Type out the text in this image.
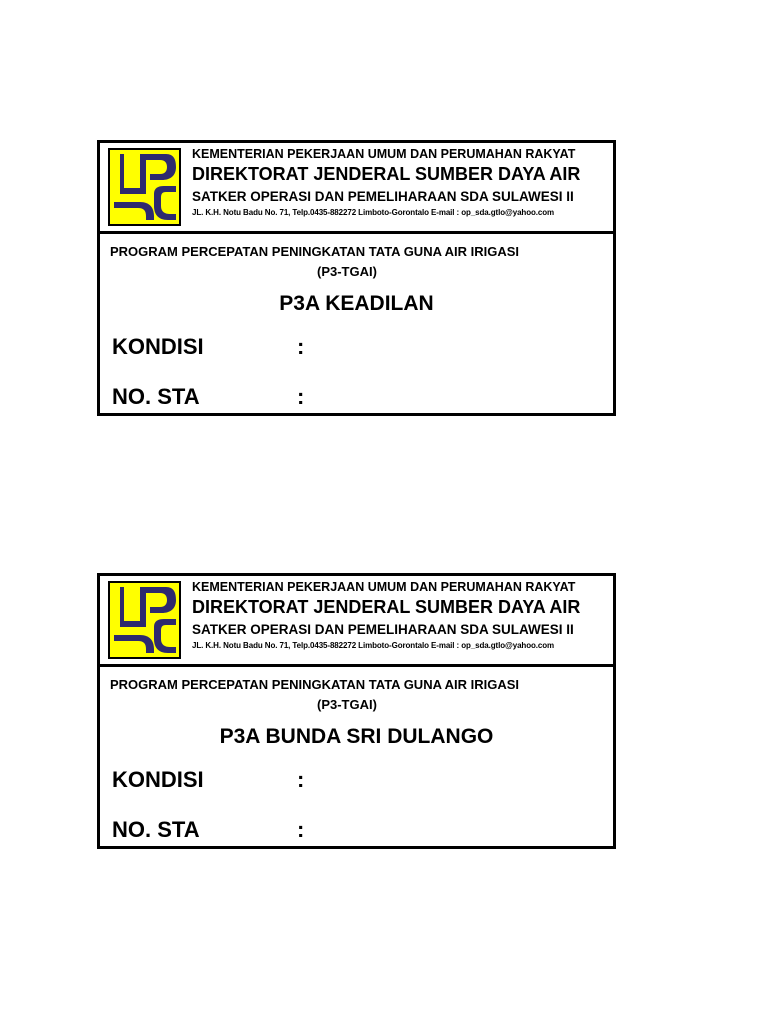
KEMENTERIAN PEKERJAAN UMUM DAN PERUMAHAN RAKYAT
DIREKTORAT JENDERAL SUMBER DAYA AIR
SATKER OPERASI DAN PEMELIHARAAN SDA SULAWESI II
JL. K.H. Notu Badu No. 71, Telp.0435-882272 Limboto-Gorontalo E-mail : op_sda.gtlo@yahoo.com
PROGRAM PERCEPATAN PENINGKATAN TATA GUNA AIR IRIGASI
(P3-TGAI)
P3A KEADILAN
KONDISI	:
NO. STA	:
KEMENTERIAN PEKERJAAN UMUM DAN PERUMAHAN RAKYAT
DIREKTORAT JENDERAL SUMBER DAYA AIR
SATKER OPERASI DAN PEMELIHARAAN SDA SULAWESI II
JL. K.H. Notu Badu No. 71, Telp.0435-882272 Limboto-Gorontalo E-mail : op_sda.gtlo@yahoo.com
PROGRAM PERCEPATAN PENINGKATAN TATA GUNA AIR IRIGASI
(P3-TGAI)
P3A BUNDA SRI DULANGO
KONDISI	:
NO. STA	:
